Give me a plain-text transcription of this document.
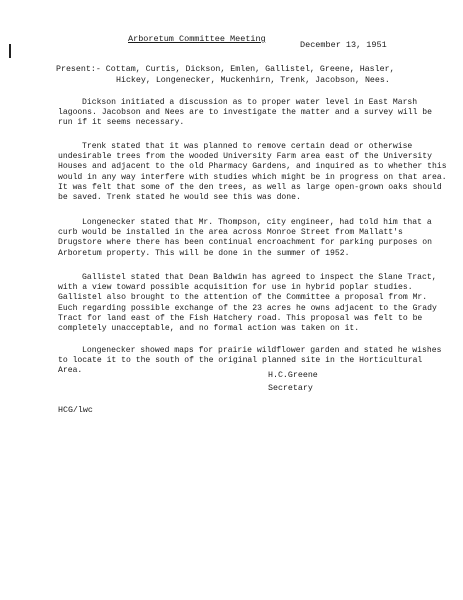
Arboretum Committee Meeting
December 13, 1951
Present:- Cottam, Curtis, Dickson, Emlen, Gallistel, Greene, Hasler,
Hickey, Longenecker, Muckenhirn, Trenk, Jacobson, Nees.
Dickson initiated a discussion as to proper water level in East Marsh lagoons. Jacobson and Nees are to investigate the matter and a survey will be run if it seems necessary.
Trenk stated that it was planned to remove certain dead or otherwise undesirable trees from the wooded University Farm area east of the University Houses and adjacent to the old Pharmacy Gardens, and inquired as to whether this would in any way interfere with studies which might be in progress on that area. It was felt that some of the den trees, as well as large open-grown oaks should be saved. Trenk stated he would see this was done.
Longenecker stated that Mr. Thompson, city engineer, had told him that a curb would be installed in the area across Monroe Street from Mallatt's Drugstore where there has been continual encroachment for parking purposes on Arboretum property. This will be done in the summer of 1952.
Gallistel stated that Dean Baldwin has agreed to inspect the Slane Tract, with a view toward possible acquisition for use in hybrid poplar studies. Gallistel also brought to the attention of the Committee a proposal from Mr. Euch regarding possible exchange of the 23 acres he owns adjacent to the Grady Tract for land east of the Fish Hatchery road. This proposal was felt to be completely unacceptable, and no formal action was taken on it.
Longenecker showed maps for prairie wildflower garden and stated he wishes to locate it to the south of the original planned site in the Horticultural Area.
H.C.Greene
Secretary
HCG/lwc
